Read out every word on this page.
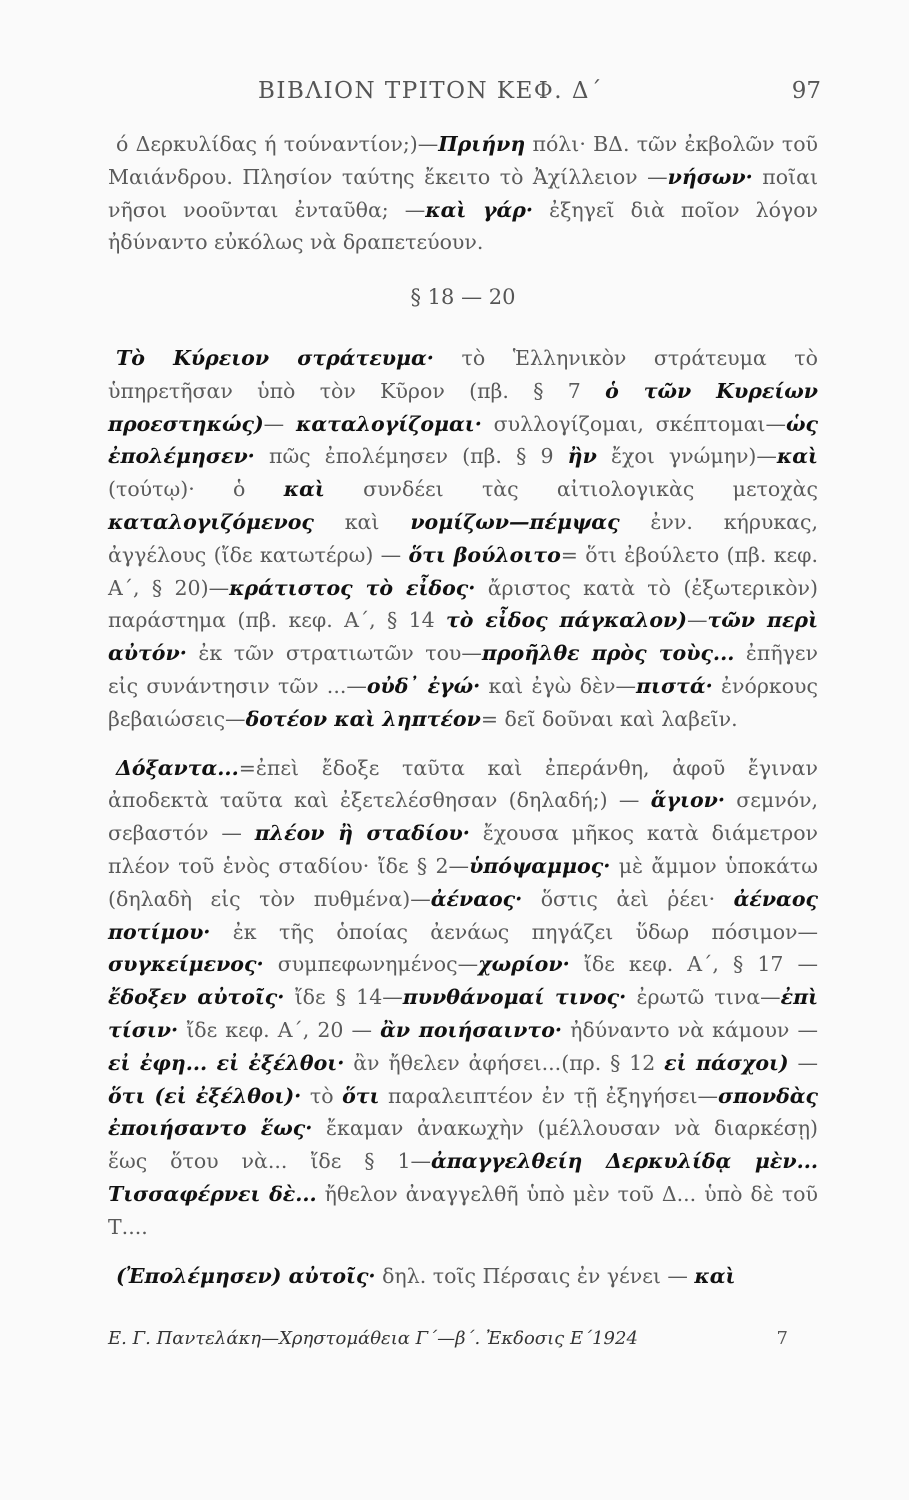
ΒΙΒΛΙΟΝ ΤΡΙΤΟΝ ΚΕΦ. Δ΄	97

ό Δερκυλίδας ή τούναντίον;)—Πριήνη πόλι· ΒΔ. τῶν ἐκβολῶν τοῦ Μαιάνδρου. Πλησίον ταύτης ἔκειτο τὸ Ἀχίλλειον —νήσων· ποῖαι νῆσοι νοοῦνται ἐνταῦθα; —καὶ γάρ· ἐξηγεῖ διὰ ποῖον λόγον ἠδύναντο εὐκόλως νὰ δραπετεύουν.

§ 18 — 20

Τὸ Κύρειον στράτευμα· τὸ Ἑλληνικὸν στράτευμα τὸ ὑπηρετῆσαν ὑπὸ τὸν Κῦρον (πβ. § 7 ὁ τῶν Κυρείων προεστηκώς)— καταλογίζομαι· συλλογίζομαι, σκέπτομαι—ὡς ἐπολέμησεν· πῶς ἐπολέμησεν (πβ. § 9 ἢν ἔχοι γνώμην)—καὶ (τούτῳ)· ὁ καὶ συνδέει τὰς αἰτιολογικὰς μετοχὰς καταλογιζόμενος καὶ νομίζων—πέμψας ἐνν. κήρυκας, ἀγγέλους (ἴδε κατωτέρω) — ὅτι βούλοιτο= ὅτι ἐβούλετο (πβ. κεφ. Α΄, § 20)—κράτιστος τὸ εἶδος· ἄριστος κατὰ τὸ (ἐξωτερικὸν) παράστημα (πβ. κεφ. Α΄, § 14 τὸ εἶδος πάγκαλον)—τῶν περὶ αὐτόν· ἐκ τῶν στρατιωτῶν του—προῆλθε πρὸς τοὺς... ἐπῆγεν εἰς συνάντησιν τῶν ...—οὐδ᾽ ἐγώ· καὶ ἐγὼ δὲν—πιστά· ἐνόρκους βεβαιώσεις—δοτέον καὶ ληπτέον= δεῖ δοῦναι καὶ λαβεῖν.

Δόξαντα...=ἐπεὶ ἔδοξε ταῦτα καὶ ἐπεράνθη, ἀφοῦ ἔγιναν ἀποδεκτὰ ταῦτα καὶ ἐξετελέσθησαν (δηλαδή;) — ἅγιον· σεμνόν, σεβαστόν — πλέον ἢ σταδίου· ἔχουσα μῆκος κατὰ διάμετρον πλέον τοῦ ἑνὸς σταδίου· ἴδε § 2—ὑπόψαμμος· μὲ ἄμμον ὑποκάτω (δηλαδὴ εἰς τὸν πυθμένα)—ἀέναος· ὅστις ἀεὶ ῥέει· ἀέναος ποτίμου· ἐκ τῆς ὁποίας ἀενάως πηγάζει ὕδωρ πόσιμον—συγκείμενος· συμπεφωνημένος—χωρίον· ἴδε κεφ. Α΄, § 17 — ἔδοξεν αὐτοῖς· ἴδε § 14—πυνθάνομαί τινος· ἐρωτῶ τινα—ἐπὶ τίσιν· ἴδε κεφ. Α΄, 20 — ἂν ποιήσαιντο· ἠδύναντο νὰ κάμουν — εἰ ἐφη... εἰ ἐξέλθοι· ἂν ἤθελεν ἀφήσει...(πρ. § 12 εἰ πάσχοι) —ὅτι (εἰ ἐξέλθοι)· τὸ ὅτι παραλειπτέον ἐν τῇ ἐξηγήσει—σπονδὰς ἐποιήσαντο ἕως· ἔκαμαν ἀνακωχὴν (μέλλουσαν νὰ διαρκέσῃ) ἕως ὅτου νὰ... ἴδε § 1—ἀπαγγελθείη Δερκυλίδᾳ μὲν... Τισσαφέρνει δὲ... ἤθελον ἀναγγελθῆ ὑπὸ μὲν τοῦ Δ... ὑπὸ δὲ τοῦ Τ....

(Ἐπολέμησεν) αὐτοῖς· δηλ. τοῖς Πέρσαις ἐν γένει — καὶ

Ε. Γ. Παντελάκη—Χρηστομάθεια Γ΄—β΄. Ἐκδοσις Ε΄1924	7
